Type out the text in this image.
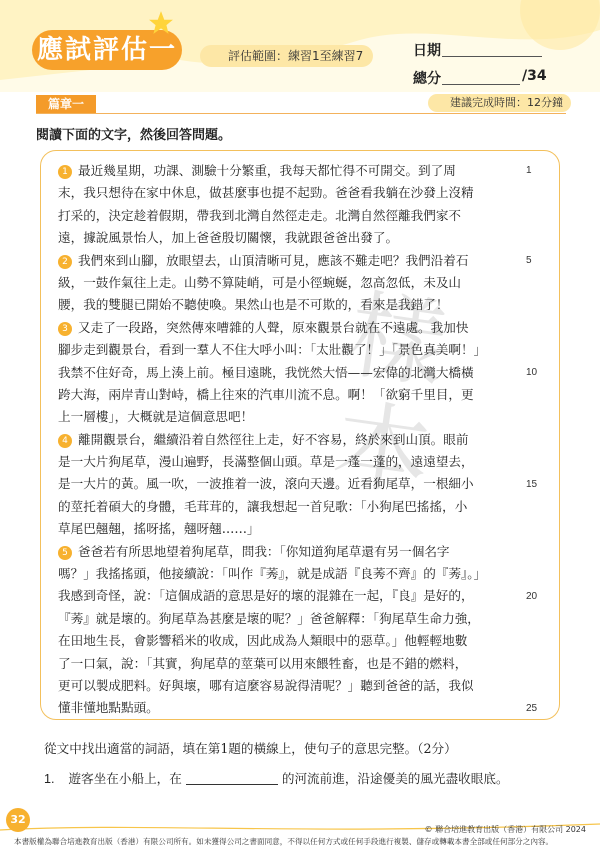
應試評估一	評估範圍：練習1至練習7	日期
總分	/34
篇章一	建議完成時間：12分鐘
閱讀下面的文字，然後回答問題。
樣本
1 最近幾星期，功課、測驗十分繁重，我每天都忙得不可開交。到了周
末，我只想待在家中休息，做甚麼事也提不起勁。爸爸看我躺在沙發上沒精
打采的，決定趁着假期，帶我到北灣自然徑走走。北灣自然徑離我們家不
遠，據說風景怡人，加上爸爸殷切關懷，我就跟爸爸出發了。
2 我們來到山腳，放眼望去，山頂清晰可見，應該不難走吧？我們沿着石
級，一鼓作氣往上走。山勢不算陡峭，可是小徑蜿蜒，忽高忽低，未及山
腰，我的雙腿已開始不聽使喚。果然山也是不可欺的，看來是我錯了！
3 又走了一段路，突然傳來嘈雜的人聲，原來觀景台就在不遠處。我加快
腳步走到觀景台，看到一羣人不住大呼小叫：「太壯觀了！」「景色真美啊！」
我禁不住好奇，馬上湊上前。極目遠眺，我恍然大悟——宏偉的北灣大橋橫
跨大海，兩岸青山對峙，橋上往來的汽車川流不息。啊！「欲窮千里目，更
上一層樓」，大概就是這個意思吧！
4 離開觀景台，繼續沿着自然徑往上走，好不容易，終於來到山頂。眼前
是一大片狗尾草，漫山遍野，長滿整個山頭。草是一蓬一蓬的，遠遠望去，
是一大片的黃。風一吹，一波推着一波，滾向天邊。近看狗尾草，一根細小
的莖托着碩大的身體，毛茸茸的，讓我想起一首兒歌：「小狗尾巴搖搖，小
草尾巴翹翹，搖呀搖，翹呀翹……」
5 爸爸若有所思地望着狗尾草，問我：「你知道狗尾草還有另一個名字
嗎？」我搖搖頭，他接續說：「叫作『莠』，就是成語『良莠不齊』的『莠』。」
我感到奇怪，說：「這個成語的意思是好的壞的混雜在一起，『良』是好的，
『莠』就是壞的。狗尾草為甚麼是壞的呢？」爸爸解釋：「狗尾草生命力強，
在田地生長，會影響稻米的收成，因此成為人類眼中的惡草。」他輕輕地數
了一口氣，說：「其實，狗尾草的莖葉可以用來餵牲畜，也是不錯的燃料，
更可以製成肥料。好與壞，哪有這麼容易說得清呢？」聽到爸爸的話，我似
懂非懂地點點頭。
1
5
10
15
20
25
從文中找出適當的詞語，填在第1題的橫線上，使句子的意思完整。（2分）
1. 遊客坐在小船上，在	的河流前進，沿途優美的風光盡收眼底。
32
© 聯合培進教育出版（香港）有限公司 2024
本書版權為聯合培進教育出版（香港）有限公司所有。如未獲得公司之書面同意，不得以任何方式或任何手段進行複製、儲存或轉載本書全部或任何部分之內容。
